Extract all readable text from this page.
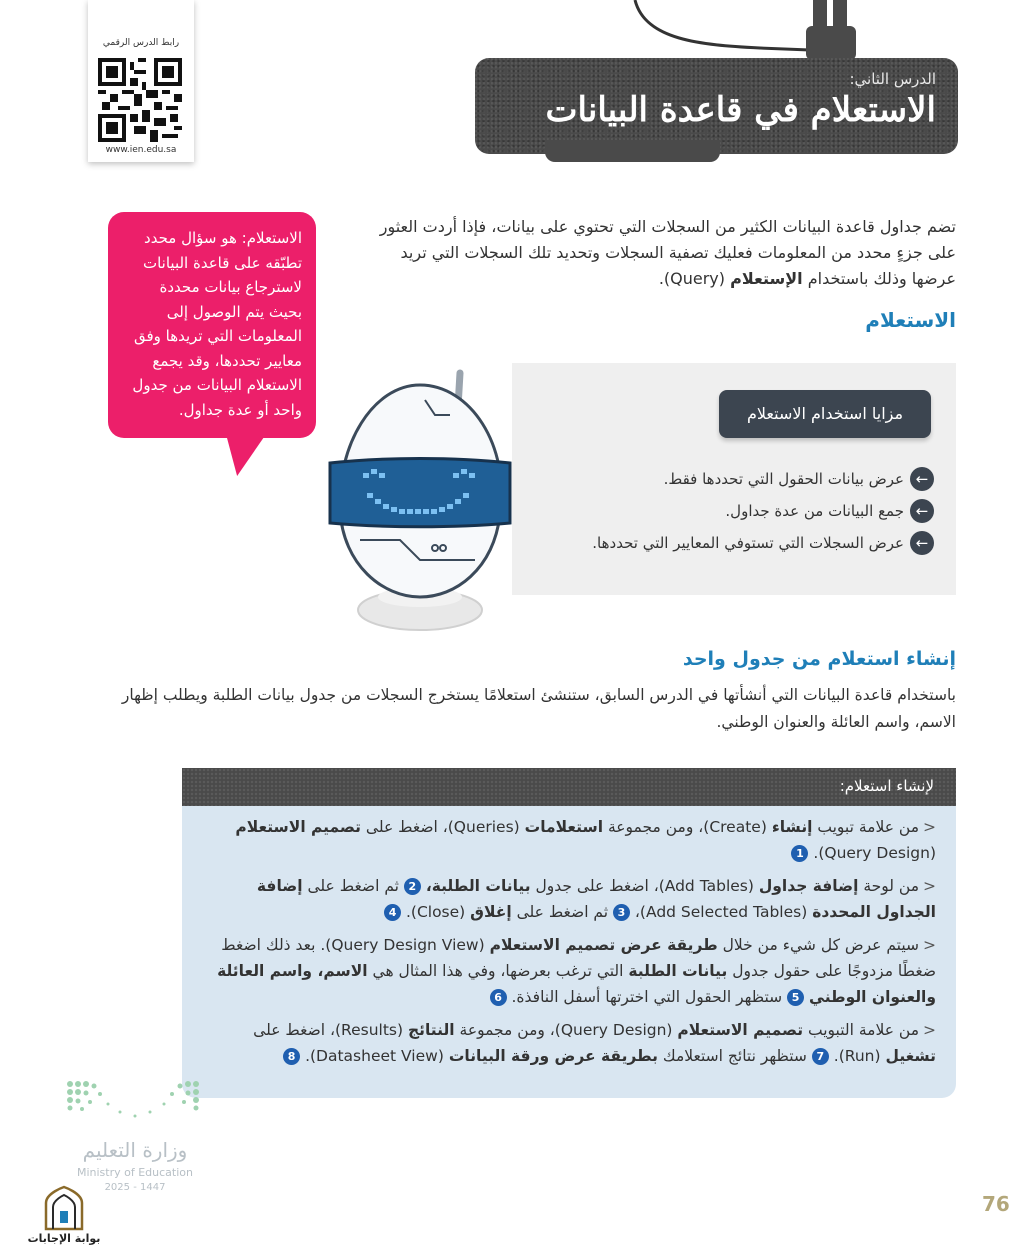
رابط الدرس الرقمي
www.ien.edu.sa
الدرس الثاني:
الاستعلام في قاعدة البيانات
تضم جداول قاعدة البيانات الكثير من السجلات التي تحتوي على بيانات، فإذا أردت العثور على جزءٍ محدد من المعلومات فعليك تصفية السجلات وتحديد تلك السجلات التي تريد عرضها وذلك باستخدام الإستعلام (Query).
الاستعلام
الاستعلام: هو سؤال محدد تطبّقه على قاعدة البيانات لاسترجاع بيانات محددة بحيث يتم الوصول إلى المعلومات التي تريدها وفق معايير تحددها، وقد يجمع الاستعلام البيانات من جدول واحد أو عدة جداول.	مزايا استخدام الاستعلام
←
عرض بيانات الحقول التي تحددها فقط.
←
جمع البيانات من عدة جداول.
←
عرض السجلات التي تستوفي المعايير التي تحددها.
إنشاء استعلام من جدول واحد
باستخدام قاعدة البيانات التي أنشأتها في الدرس السابق، ستنشئ استعلامًا يستخرج السجلات من جدول بيانات الطلبة ويطلب إظهار الاسم، واسم العائلة والعنوان الوطني.
لإنشاء استعلام:
<من علامة تبويب إنشاء (Create)، ومن مجموعة استعلامات (Queries)، اضغط على تصميم الاستعلام (Query Design). 1
<من لوحة إضافة جداول (Add Tables)، اضغط على جدول بيانات الطلبة، 2 ثم اضغط على إضافة الجداول المحددة (Add Selected Tables)، 3 ثم اضغط على إغلاق (Close). 4
<سيتم عرض كل شيء من خلال طريقة عرض تصميم الاستعلام (Query Design View). بعد ذلك اضغط ضغطًا مزدوجًا على حقول جدول بيانات الطلبة التي ترغب بعرضها، وفي هذا المثال هي الاسم، واسم العائلة والعنوان الوطني 5 ستظهر الحقول التي اخترتها أسفل النافذة. 6
<من علامة التبويب تصميم الاستعلام (Query Design)، ومن مجموعة النتائج (Results)، اضغط على تشغيل (Run). 7 ستظهر نتائج استعلامك بطريقة عرض ورقة البيانات (Datasheet View). 8
وزارة التعليم
Ministry of Education
2025 - 1447
76
بوابة الإجابات
